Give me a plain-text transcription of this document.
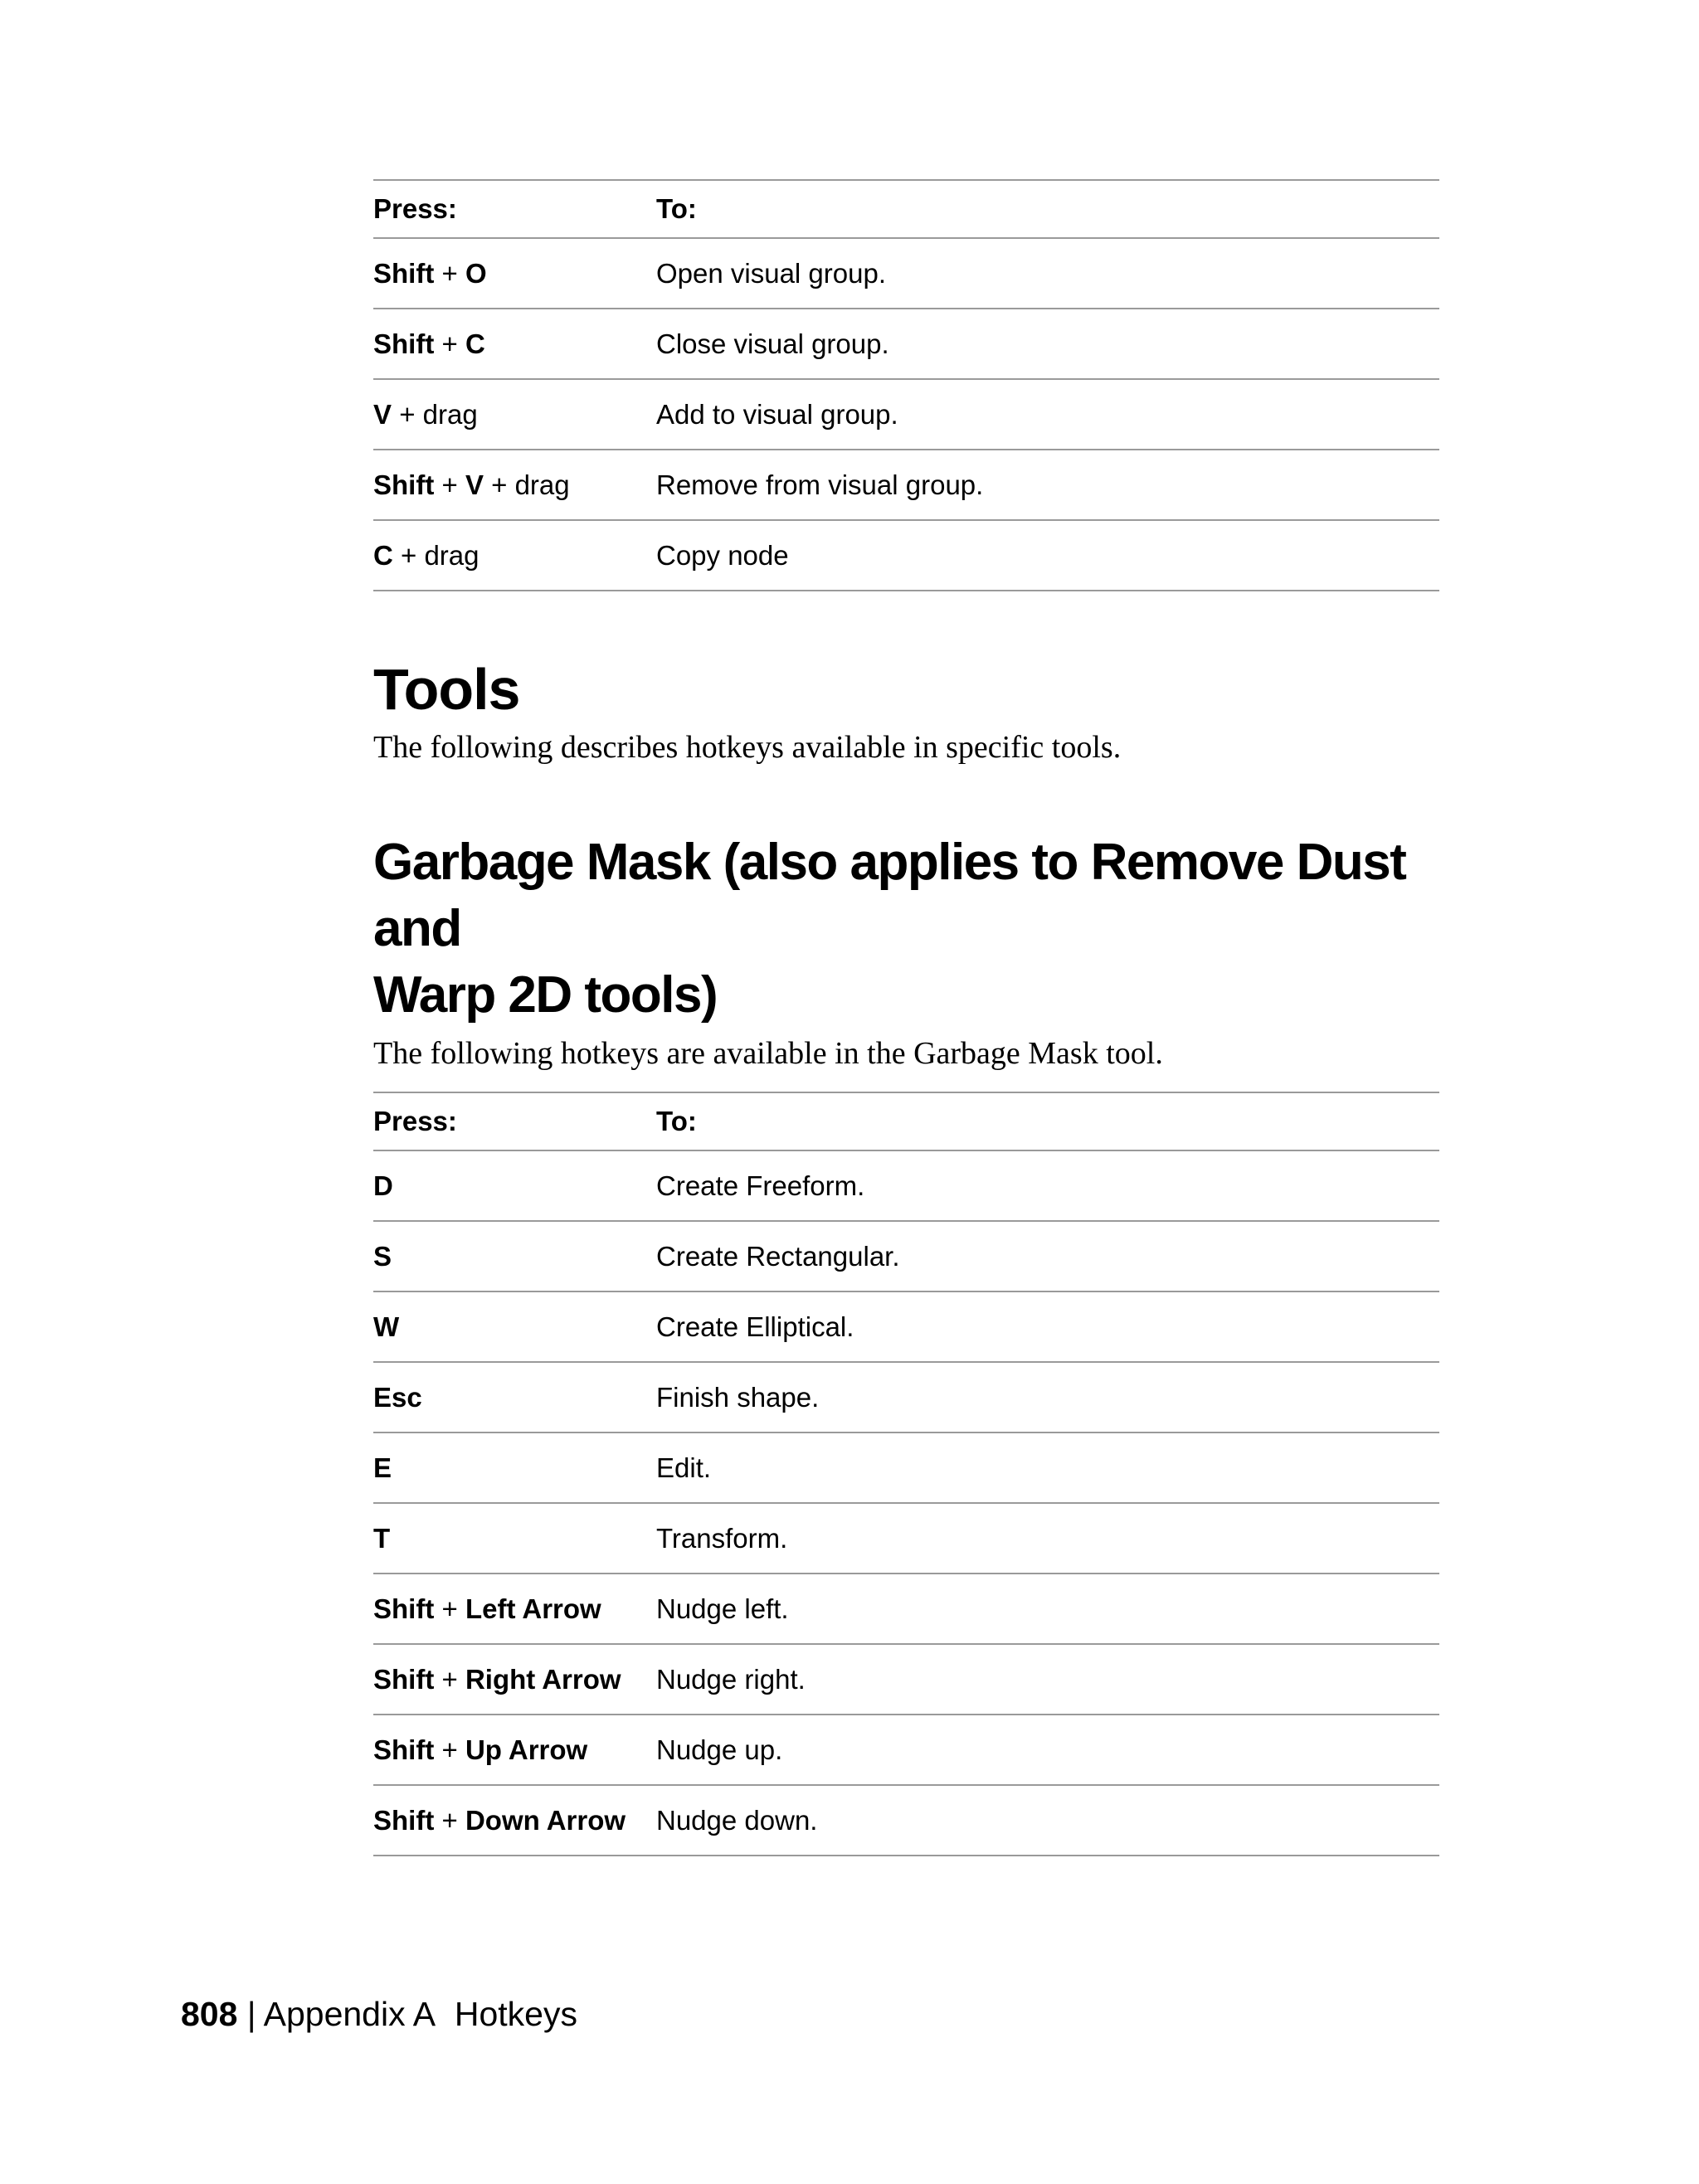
Press:	To:
Shift + O	Open visual group.
Shift + C	Close visual group.
V + drag	Add to visual group.
Shift + V + drag	Remove from visual group.
C + drag	Copy node
Tools

The following describes hotkeys available in specific tools.

Garbage Mask (also applies to Remove Dust and
Warp 2D tools)

The following hotkeys are available in the Garbage Mask tool.

Press:	To:
D	Create Freeform.
S	Create Rectangular.
W	Create Elliptical.
Esc	Finish shape.
E	Edit.
T	Transform.
Shift + Left Arrow	Nudge left.
Shift + Right Arrow	Nudge right.
Shift + Up Arrow	Nudge up.
Shift + Down Arrow	Nudge down.
808 | Appendix A Hotkeys
